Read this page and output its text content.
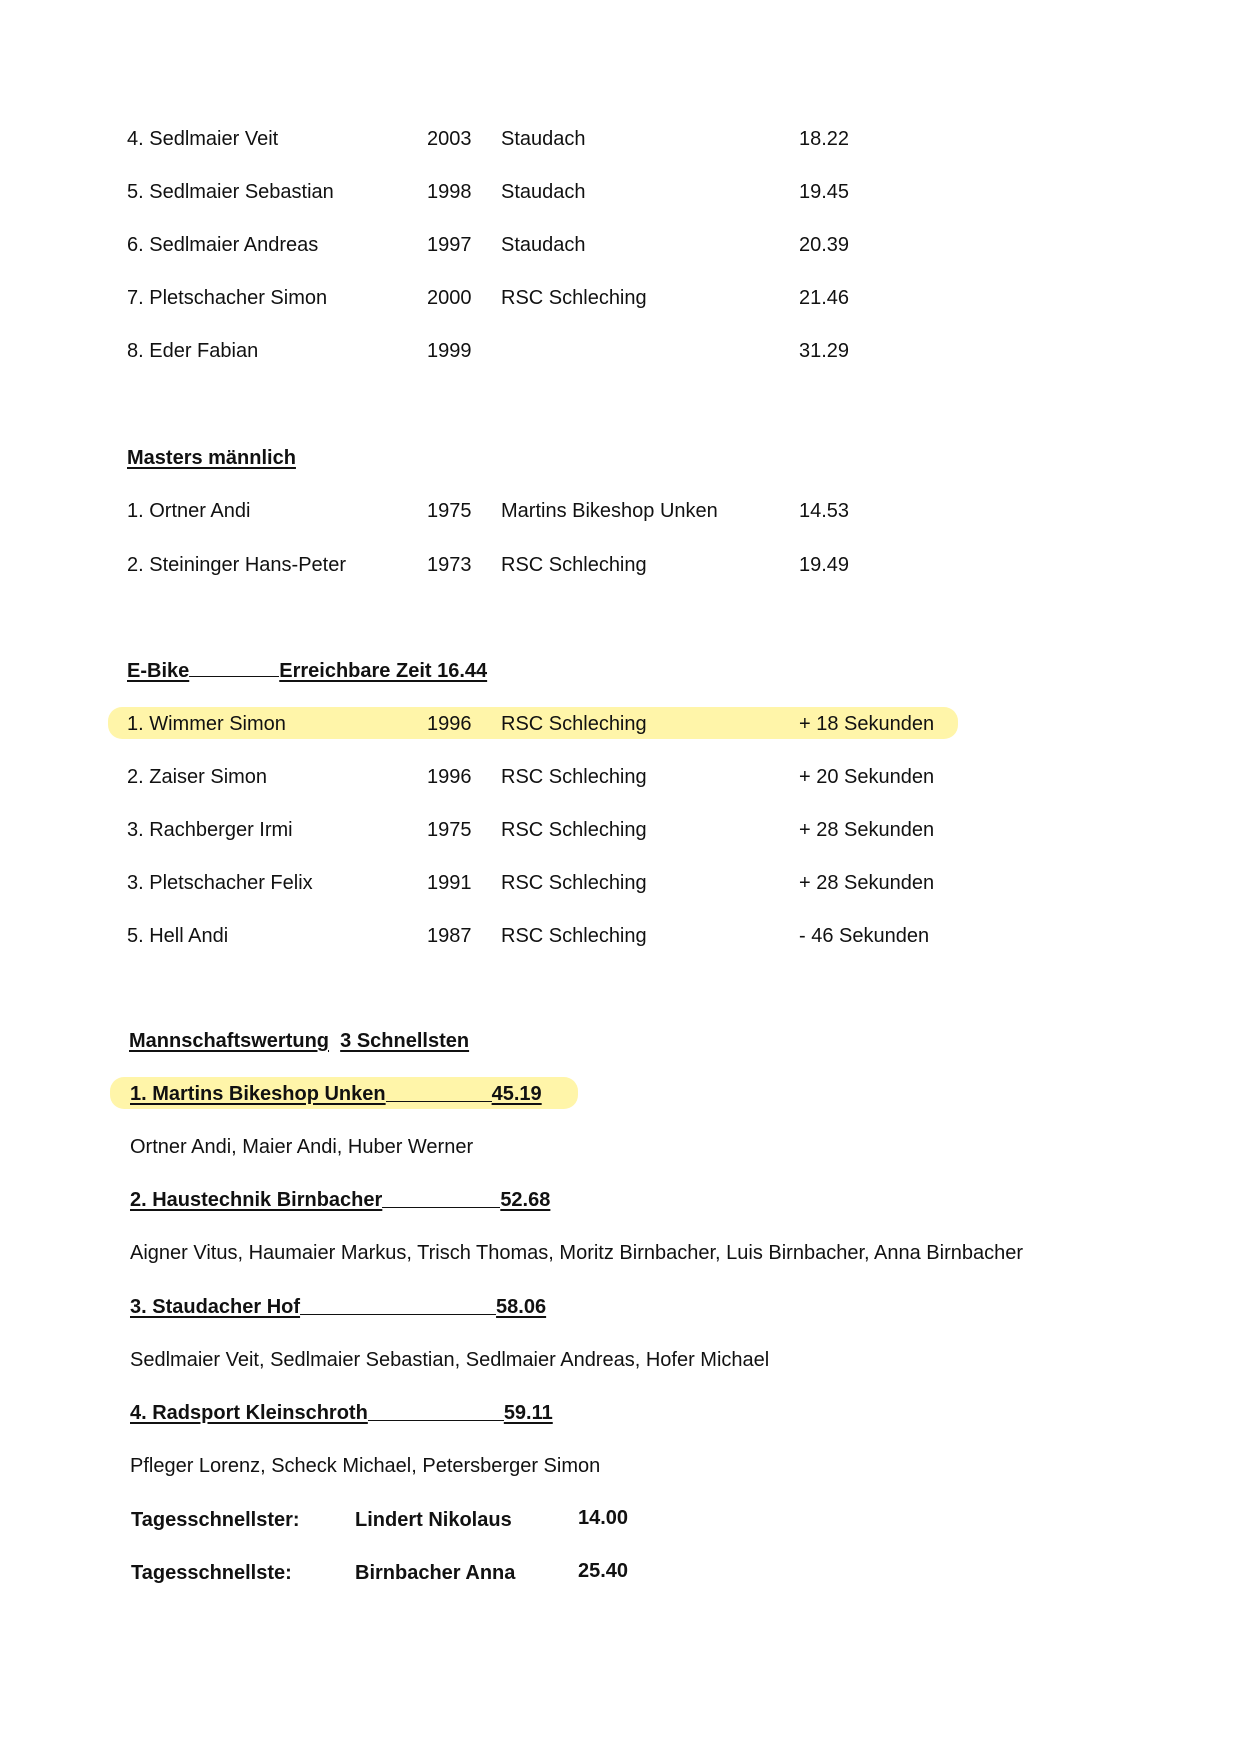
4. Sedlmaier Veit	2003 Staudach	18.22
5. Sedlmaier Sebastian	1998 Staudach	19.45
6. Sedlmaier Andreas	1997 Staudach	20.39
7. Pletschacher Simon	2000 RSC Schleching	21.46
8. Eder Fabian	1999	31.29
Masters männlich
1. Ortner Andi	1975 Martins Bikeshop Unken	14.53
2. Steininger Hans-Peter	1973 RSC Schleching	19.49
E-Bike	Erreichbare Zeit 16.44
1. Wimmer Simon	1996 RSC Schleching	+ 18 Sekunden
2. Zaiser Simon	1996 RSC Schleching	+ 20 Sekunden
3. Rachberger Irmi	1975 RSC Schleching	+ 28 Sekunden
3. Pletschacher Felix	1991 RSC Schleching	+ 28 Sekunden
5. Hell Andi	1987 RSC Schleching	- 46 Sekunden
Mannschaftswertung 3 Schnellsten
1. Martins Bikeshop Unken	45.19
Ortner Andi, Maier Andi, Huber Werner
2. Haustechnik Birnbacher	52.68
Aigner Vitus, Haumaier Markus, Trisch Thomas, Moritz Birnbacher, Luis Birnbacher, Anna Birnbacher
3. Staudacher Hof	58.06
Sedlmaier Veit, Sedlmaier Sebastian, Sedlmaier Andreas, Hofer Michael
4. Radsport Kleinschroth	59.11
Pfleger Lorenz, Scheck Michael, Petersberger Simon
Tagesschnellster:	Lindert Nikolaus	14.00
Tagesschnellste:	Birnbacher Anna	25.40
